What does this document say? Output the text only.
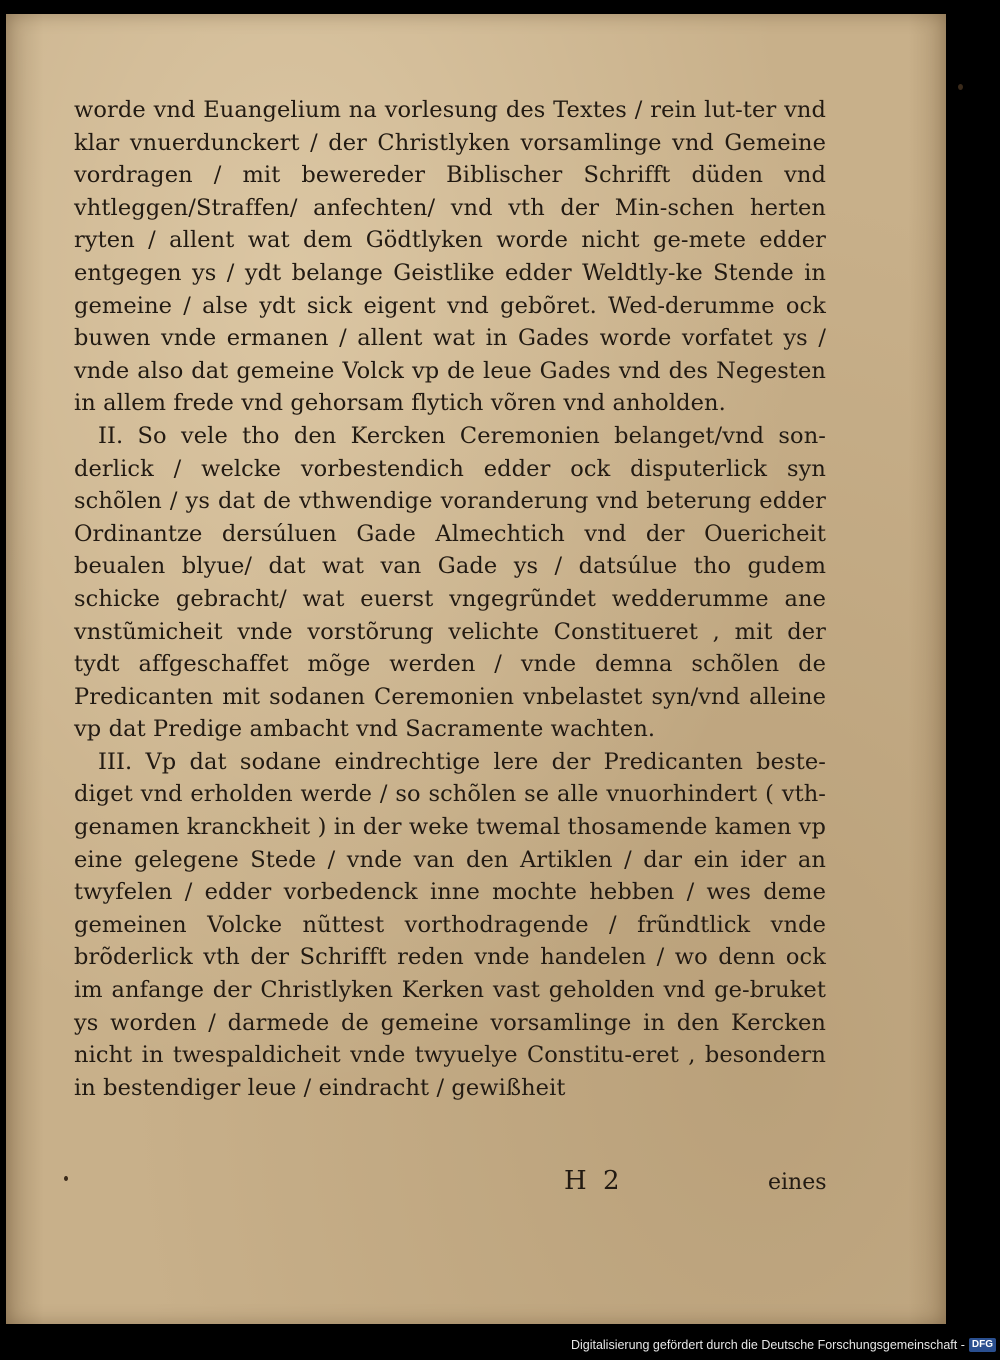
worde vnd Euangelium na vorlesung des Textes / rein lut-ter vnd klar vnuerdunckert / der Christlyken vorsamlinge vnd Gemeine vordragen / mit bewereder Biblischer Schrifft düden vnd vhtleggen/Straffen/ anfechten/ vnd vth der Min-schen herten ryten / allent wat dem Gödtlyken worde nicht ge-mete edder entgegen ys / ydt belange Geistlike edder Weldtly-ke Stende in gemeine / alse ydt sick eigent vnd gebõret. Wed-derumme ock buwen vnde ermanen / allent wat in Gades worde vorfatet ys / vnde also dat gemeine Volck vp de leue Gades vnd des Negesten in allem frede vnd gehorsam flytich võren vnd anholden.

II. So vele tho den Kercken Ceremonien belanget/vnd son-derlick / welcke vorbestendich edder ock disputerlick syn schõlen / ys dat de vthwendige voranderung vnd beterung edder Ordinantze dersúluen Gade Almechtich vnd der Ouericheit beualen blyue/ dat wat van Gade ys / datsúlue tho gudem schicke gebracht/ wat euerst vngegrũndet wedderumme ane vnstũmicheit vnde vorstõrung velichte Constitueret , mit der tydt affgeschaffet mõge werden / vnde demna schõlen de Predicanten mit sodanen Ceremonien vnbelastet syn/vnd alleine vp dat Predige ambacht vnd Sacramente wachten.

III. Vp dat sodane eindrechtige lere der Predicanten beste-diget vnd erholden werde / so schõlen se alle vnuorhindert ( vth-genamen kranckheit ) in der weke twemal thosamende kamen vp eine gelegene Stede / vnde van den Artiklen / dar ein ider an twyfelen / edder vorbedenck inne mochte hebben / wes deme gemeinen Volcke nũttest vorthodragende / frũndtlick vnde brõderlick vth der Schrifft reden vnde handelen / wo denn ock im anfange der Christlyken Kerken vast geholden vnd ge-bruket ys worden / darmede de gemeine vorsamlinge in den Kercken nicht in twespaldicheit vnde twyuelye Constitu-eret , besondern in bestendiger leue / eindracht / gewißheit

H 2	eines
Digitalisierung gefördert durch die Deutsche Forschungsgemeinschaft - DFG
